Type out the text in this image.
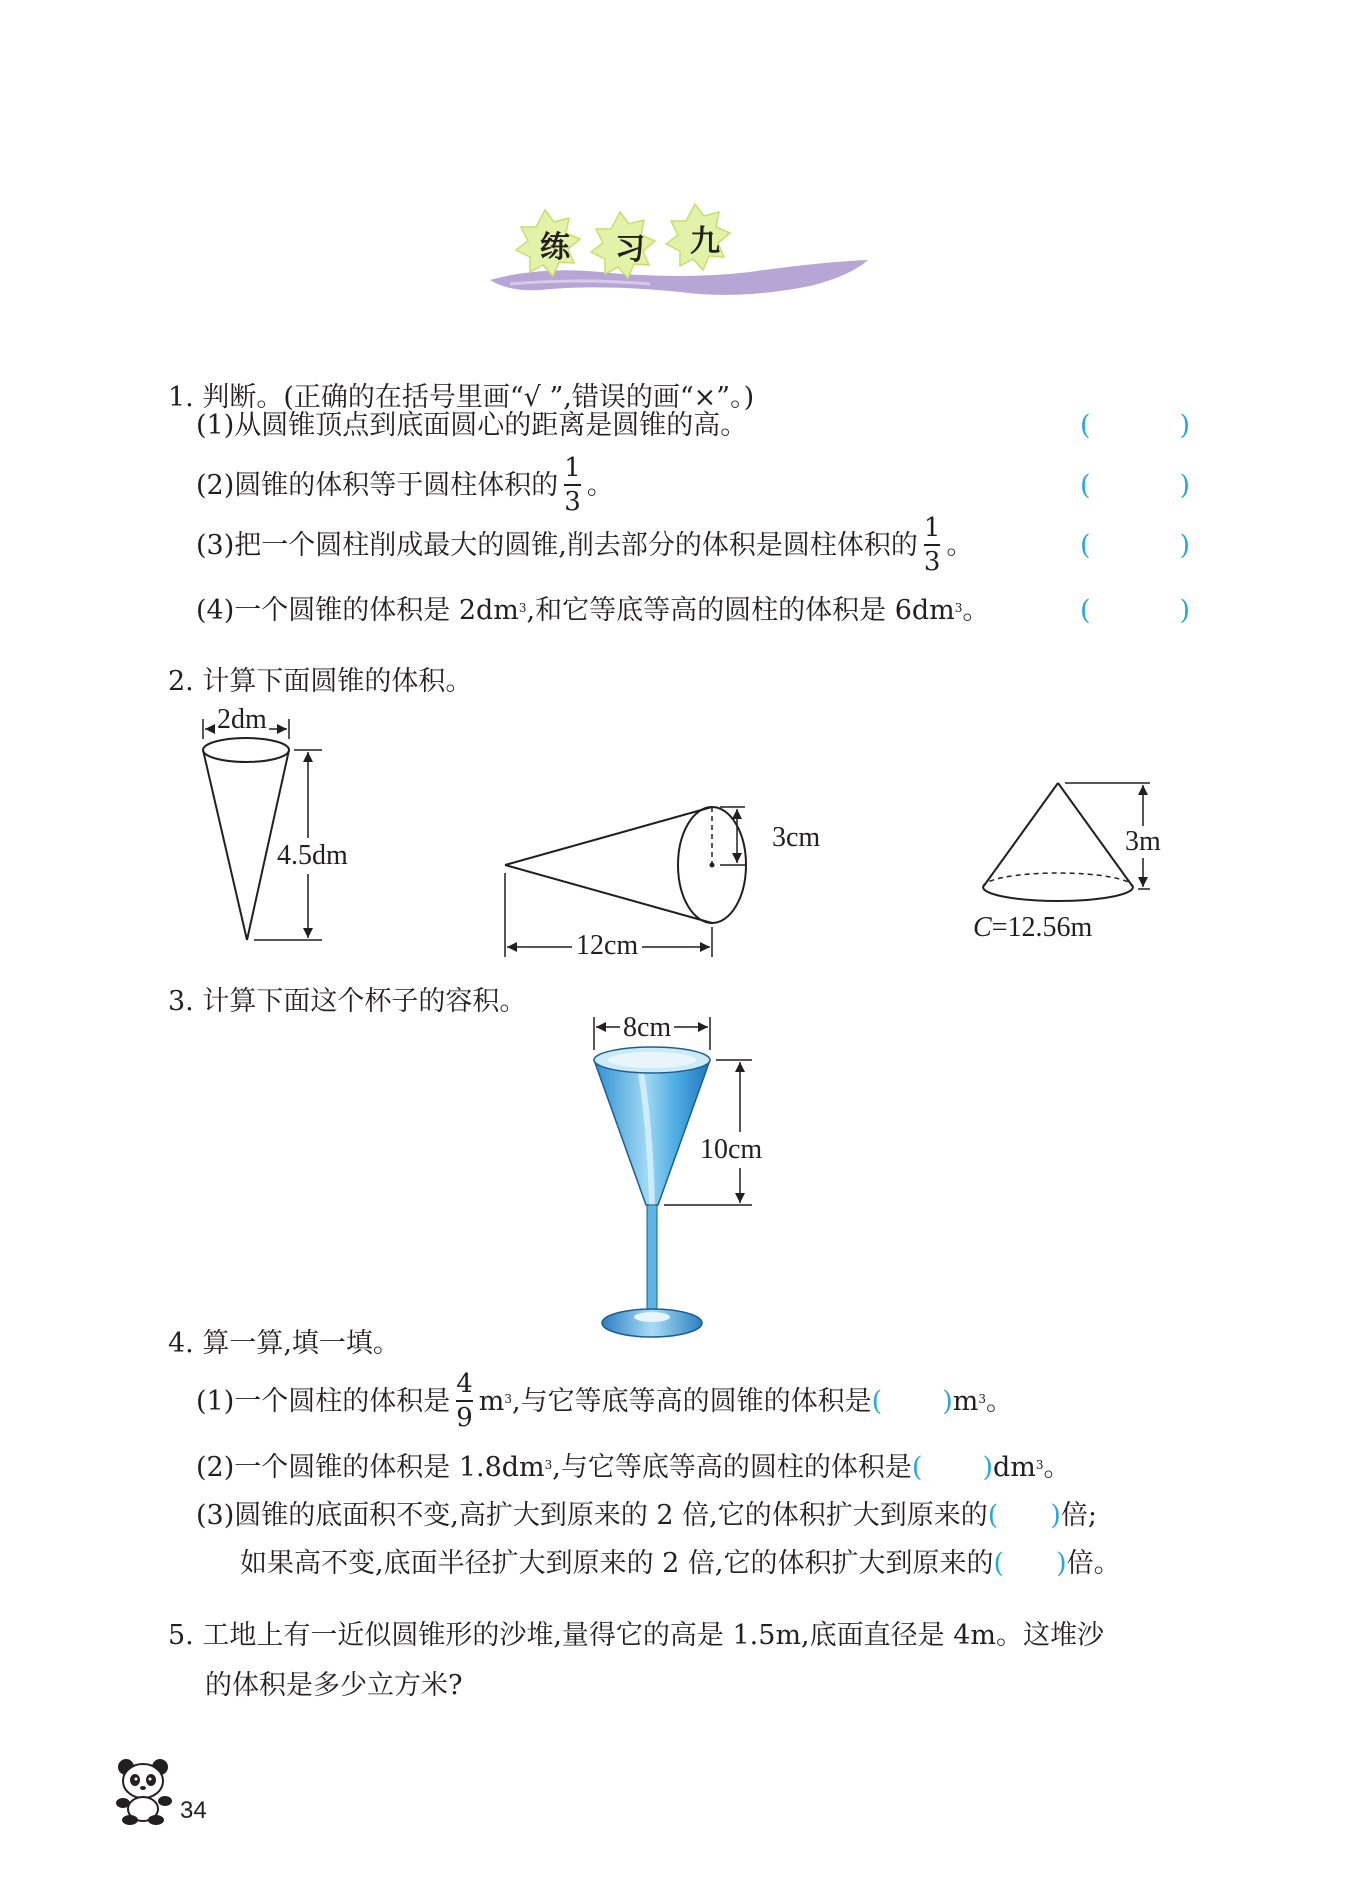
练	习	九
1. 判断。(正确的在括号里画“√ ”,错误的画“×”。)
(1)从圆锥顶点到底面圆心的距离是圆锥的高。	(	)
(2)圆锥的体积等于圆柱体积的 $\frac{1}{3}$ 。	(	)
(3)把一个圆柱削成最大的圆锥,削去部分的体积是圆柱体积的 $\frac{1}{3}$ 。	(	)
(4)一个圆锥的体积是 $2dm^3$ ,和它等底等高的圆柱的体积是 $6dm^3$ 。	(	)
2. 计算下面圆锥的体积。
2dm
4.5dm
3cm
12cm
3m
C=12.56m
3. 计算下面这个杯子的容积。
8cm
10cm
4. 算一算,填一填。
(1)一个圆柱的体积是 $\frac{4}{9} m^3$ ,与它等底等高的圆锥的体积是 ( ) $m^3$ 。
(2)一个圆锥的体积是 $1.8dm^3$ ,与它等底等高的圆柱的体积是 ( ) $dm^3$ 。
(3)圆锥的底面积不变,高扩大到原来的 2 倍,它的体积扩大到原来的 ( ) 倍;
如果高不变,底面半径扩大到原来的 2 倍,它的体积扩大到原来的 ( ) 倍。
5. 工地上有一近似圆锥形的沙堆,量得它的高是 1.5m,底面直径是 4m。这堆沙
的体积是多少立方米?
34
